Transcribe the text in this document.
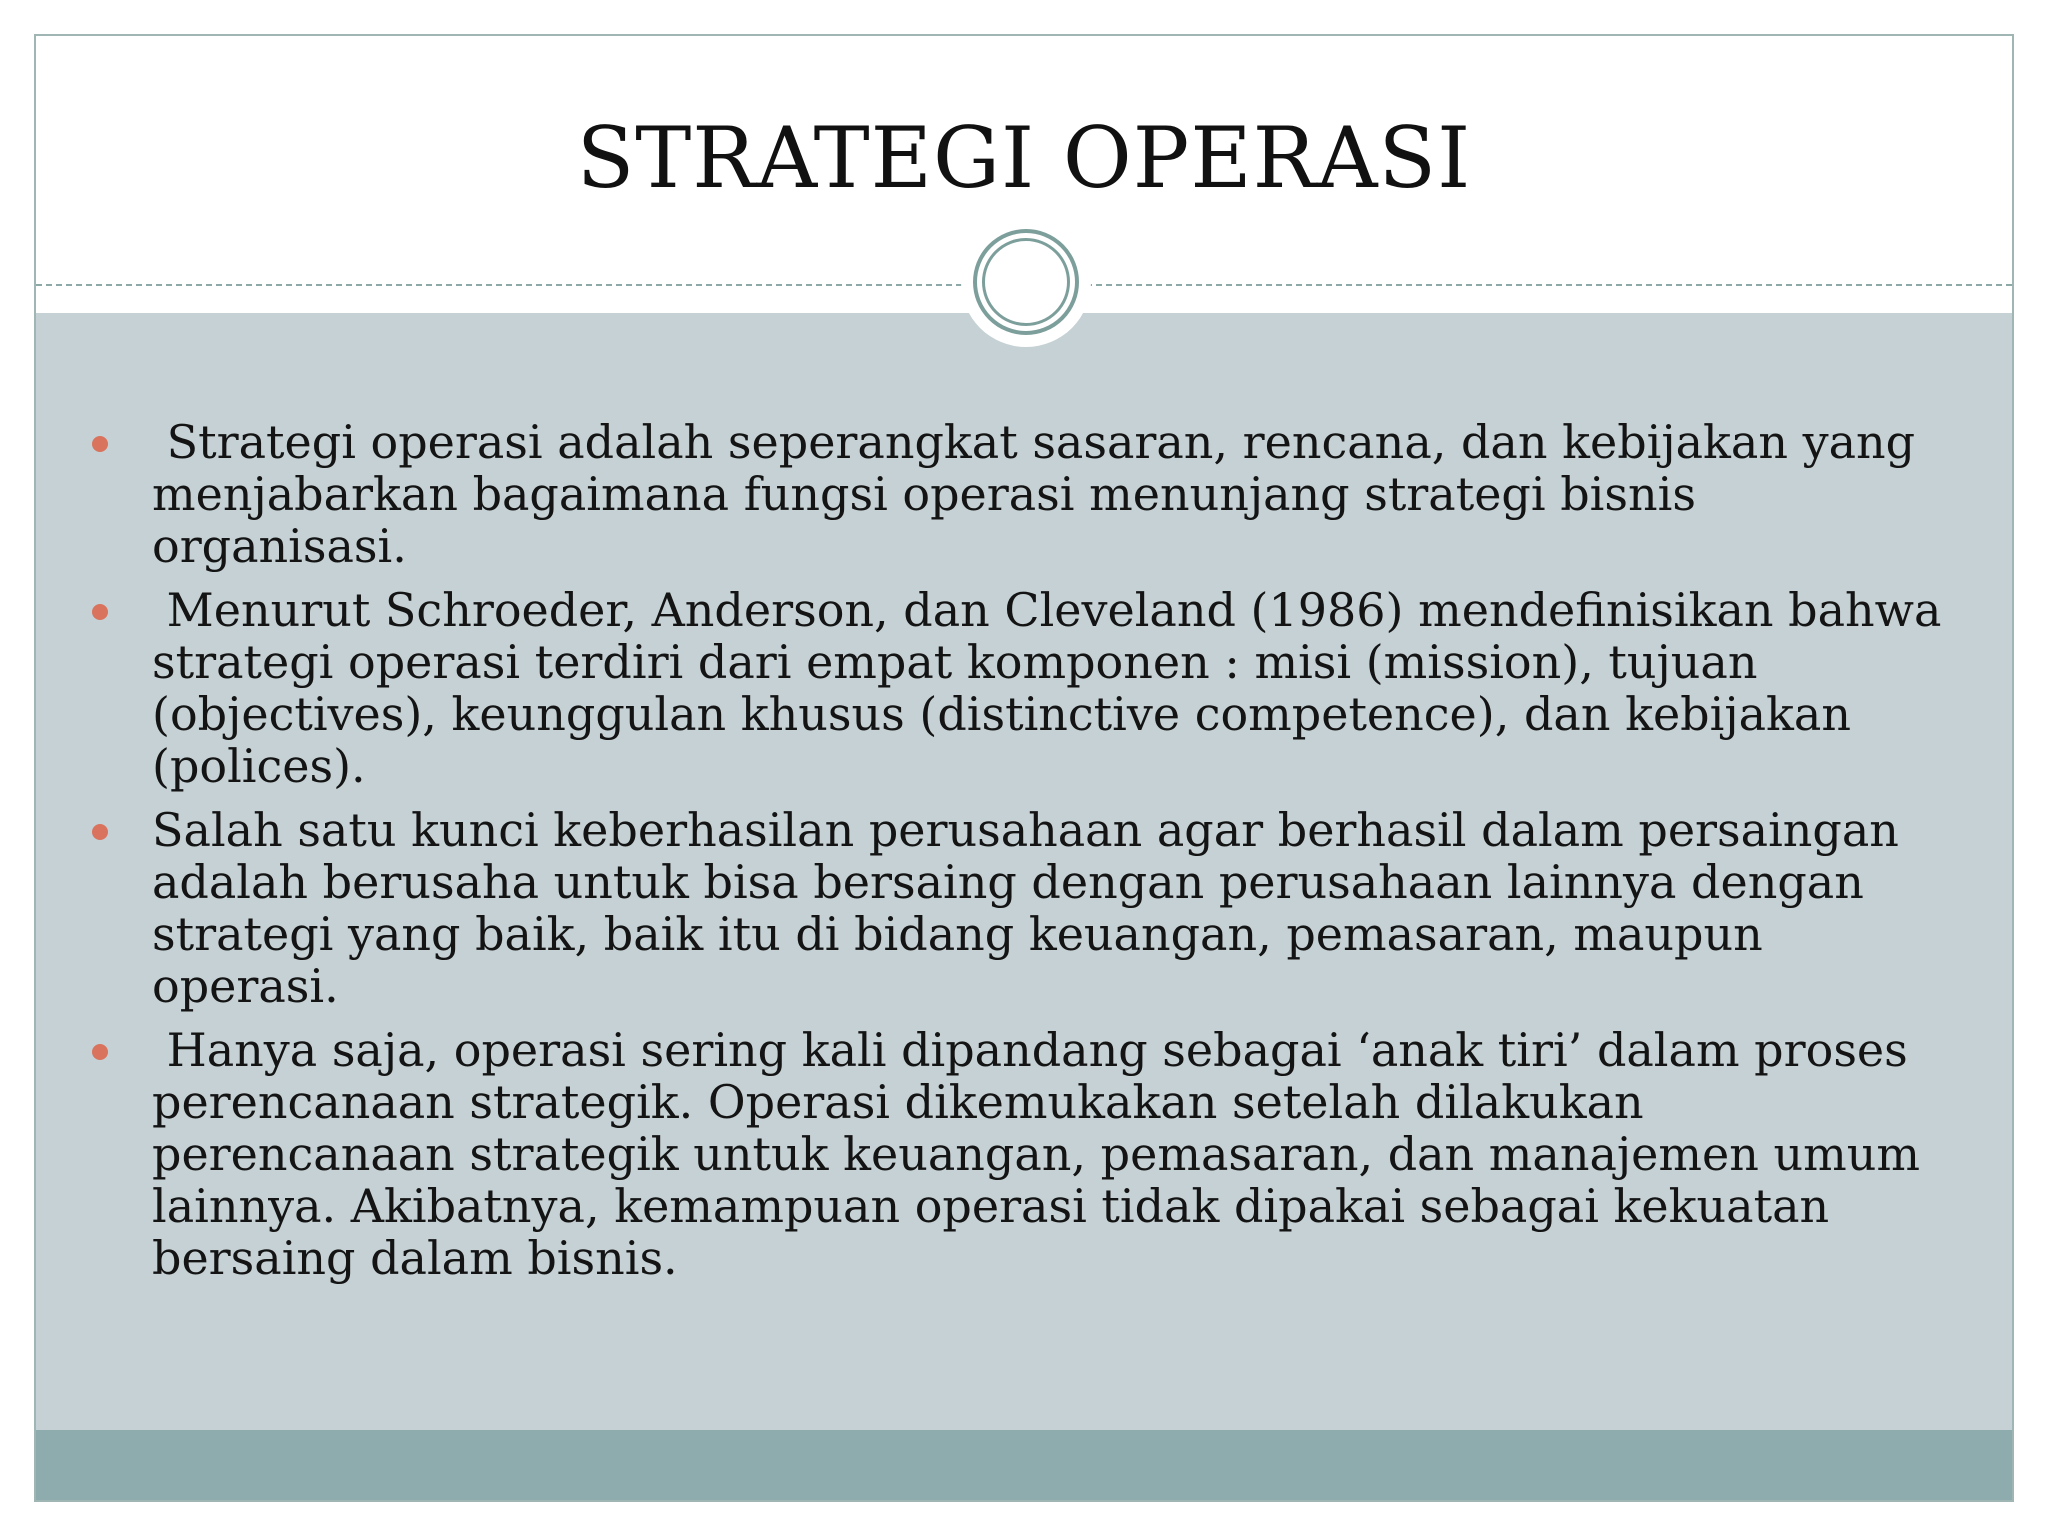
STRATEGI OPERASI
Strategi operasi adalah seperangkat sasaran, rencana, dan kebijakan yang menjabarkan bagaimana fungsi operasi menunjang strategi bisnis organisasi.
Menurut Schroeder, Anderson, dan Cleveland (1986) mendefinisikan bahwa strategi operasi terdiri dari empat komponen : misi (mission), tujuan (objectives), keunggulan khusus (distinctive competence), dan kebijakan (polices).
Salah satu kunci keberhasilan perusahaan agar berhasil dalam persaingan adalah berusaha untuk bisa bersaing dengan perusahaan lainnya dengan strategi yang baik, baik itu di bidang keuangan, pemasaran, maupun operasi.
Hanya saja, operasi sering kali dipandang sebagai ‘anak tiri’ dalam proses perencanaan strategik. Operasi dikemukakan setelah dilakukan perencanaan strategik untuk keuangan, pemasaran, dan manajemen umum lainnya. Akibatnya, kemampuan operasi tidak dipakai sebagai kekuatan bersaing dalam bisnis.
